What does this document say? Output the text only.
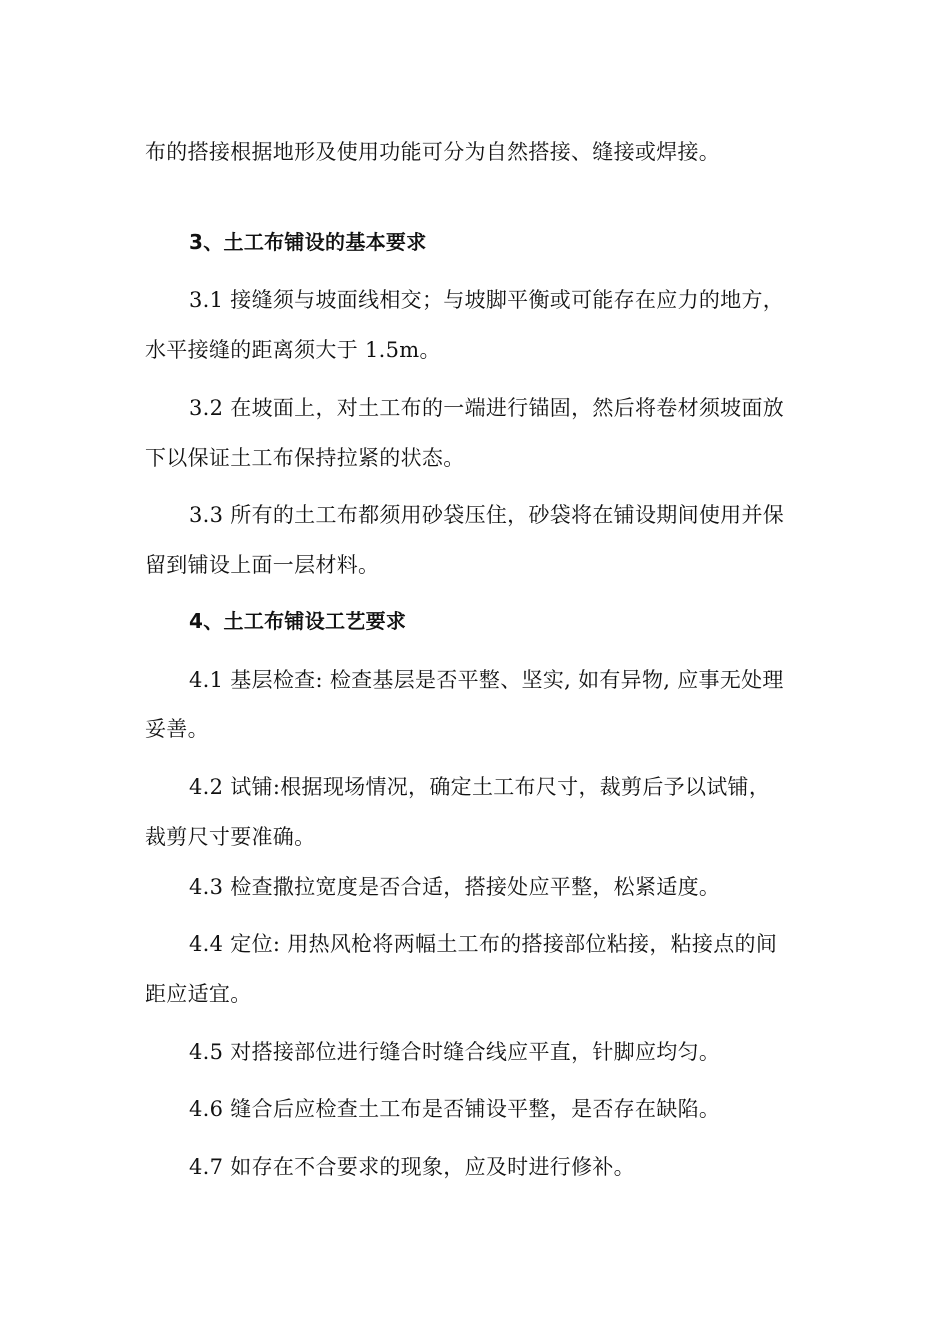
布的搭接根据地形及使用功能可分为自然搭接、缝接或焊接。
3、土工布铺设的基本要求
3.1 接缝须与坡面线相交；与坡脚平衡或可能存在应力的地方，
水平接缝的距离须大于 1.5m。
3.2 在坡面上，对土工布的一端进行锚固，然后将卷材须坡面放
下以保证土工布保持拉紧的状态。
3.3 所有的土工布都须用砂袋压住，砂袋将在铺设期间使用并保
留到铺设上面一层材料。
4、土工布铺设工艺要求
4.1 基层检查: 检查基层是否平整、坚实, 如有异物, 应事无处理
妥善。
4.2 试铺:根据现场情况，确定土工布尺寸，裁剪后予以试铺，
裁剪尺寸要准确。
4.3 检查撒拉宽度是否合适，搭接处应平整，松紧适度。
4.4 定位: 用热风枪将两幅土工布的搭接部位粘接，粘接点的间
距应适宜。
4.5 对搭接部位进行缝合时缝合线应平直，针脚应均匀。
4.6 缝合后应检查土工布是否铺设平整，是否存在缺陷。
4.7 如存在不合要求的现象，应及时进行修补。
